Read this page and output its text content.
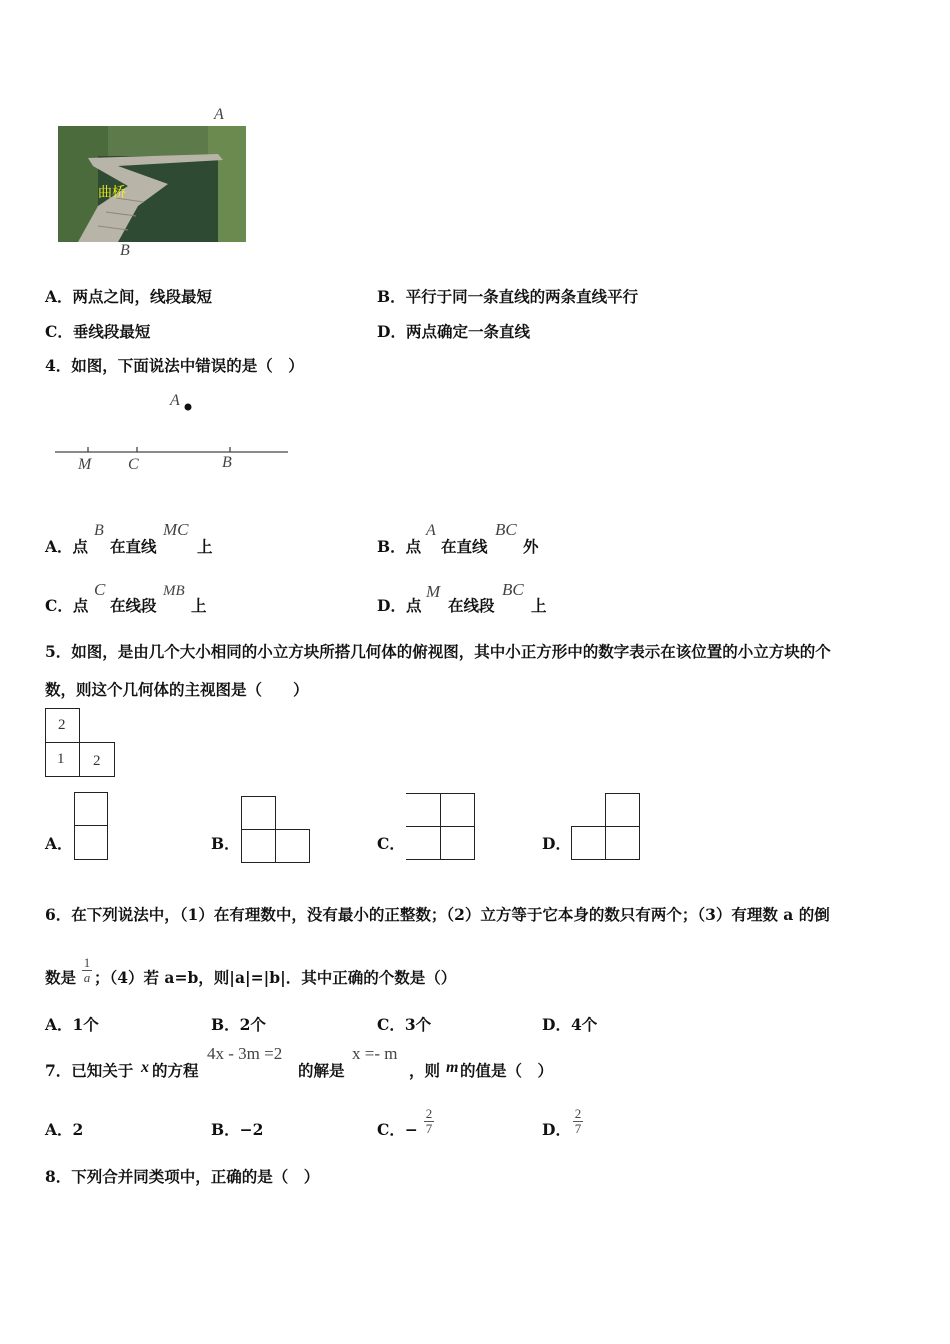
A
曲桥
B
A．两点之间，线段最短	B．平行于同一条直线的两条直线平行
C．垂线段最短	D．两点确定一条直线
4．如图，下面说法中错误的是（　）
A
M C	B
A．点
B
在直线
MC
上	B．点
A
在直线
BC
外
C．点
C
在线段
MB
上	D．点
M
在线段
BC
上
5．如图，是由几个大小相同的小立方块所搭几何体的俯视图，其中小正方形中的数字表示在该位置的小立方块的个
数，则这个几何体的主视图是（　　）
2
1 2
A．	B．	C．	D．
6．在下列说法中，（1）在有理数中，没有最小的正整数；（2）立方等于它本身的数只有两个；（3）有理数 a 的倒
数是
1
a ；（4）若 a=b，则|a|=|b|．其中正确的个数是（）
A．1个	B．2个	C．3个	D．4个
7．已知关于 x 的方程
4x - 3m =2
的解是
x =- m
，则 m 的值是（　）
A．2	B．−2	C．−
2
7	D．
2
7
8．下列合并同类项中，正确的是（　）
